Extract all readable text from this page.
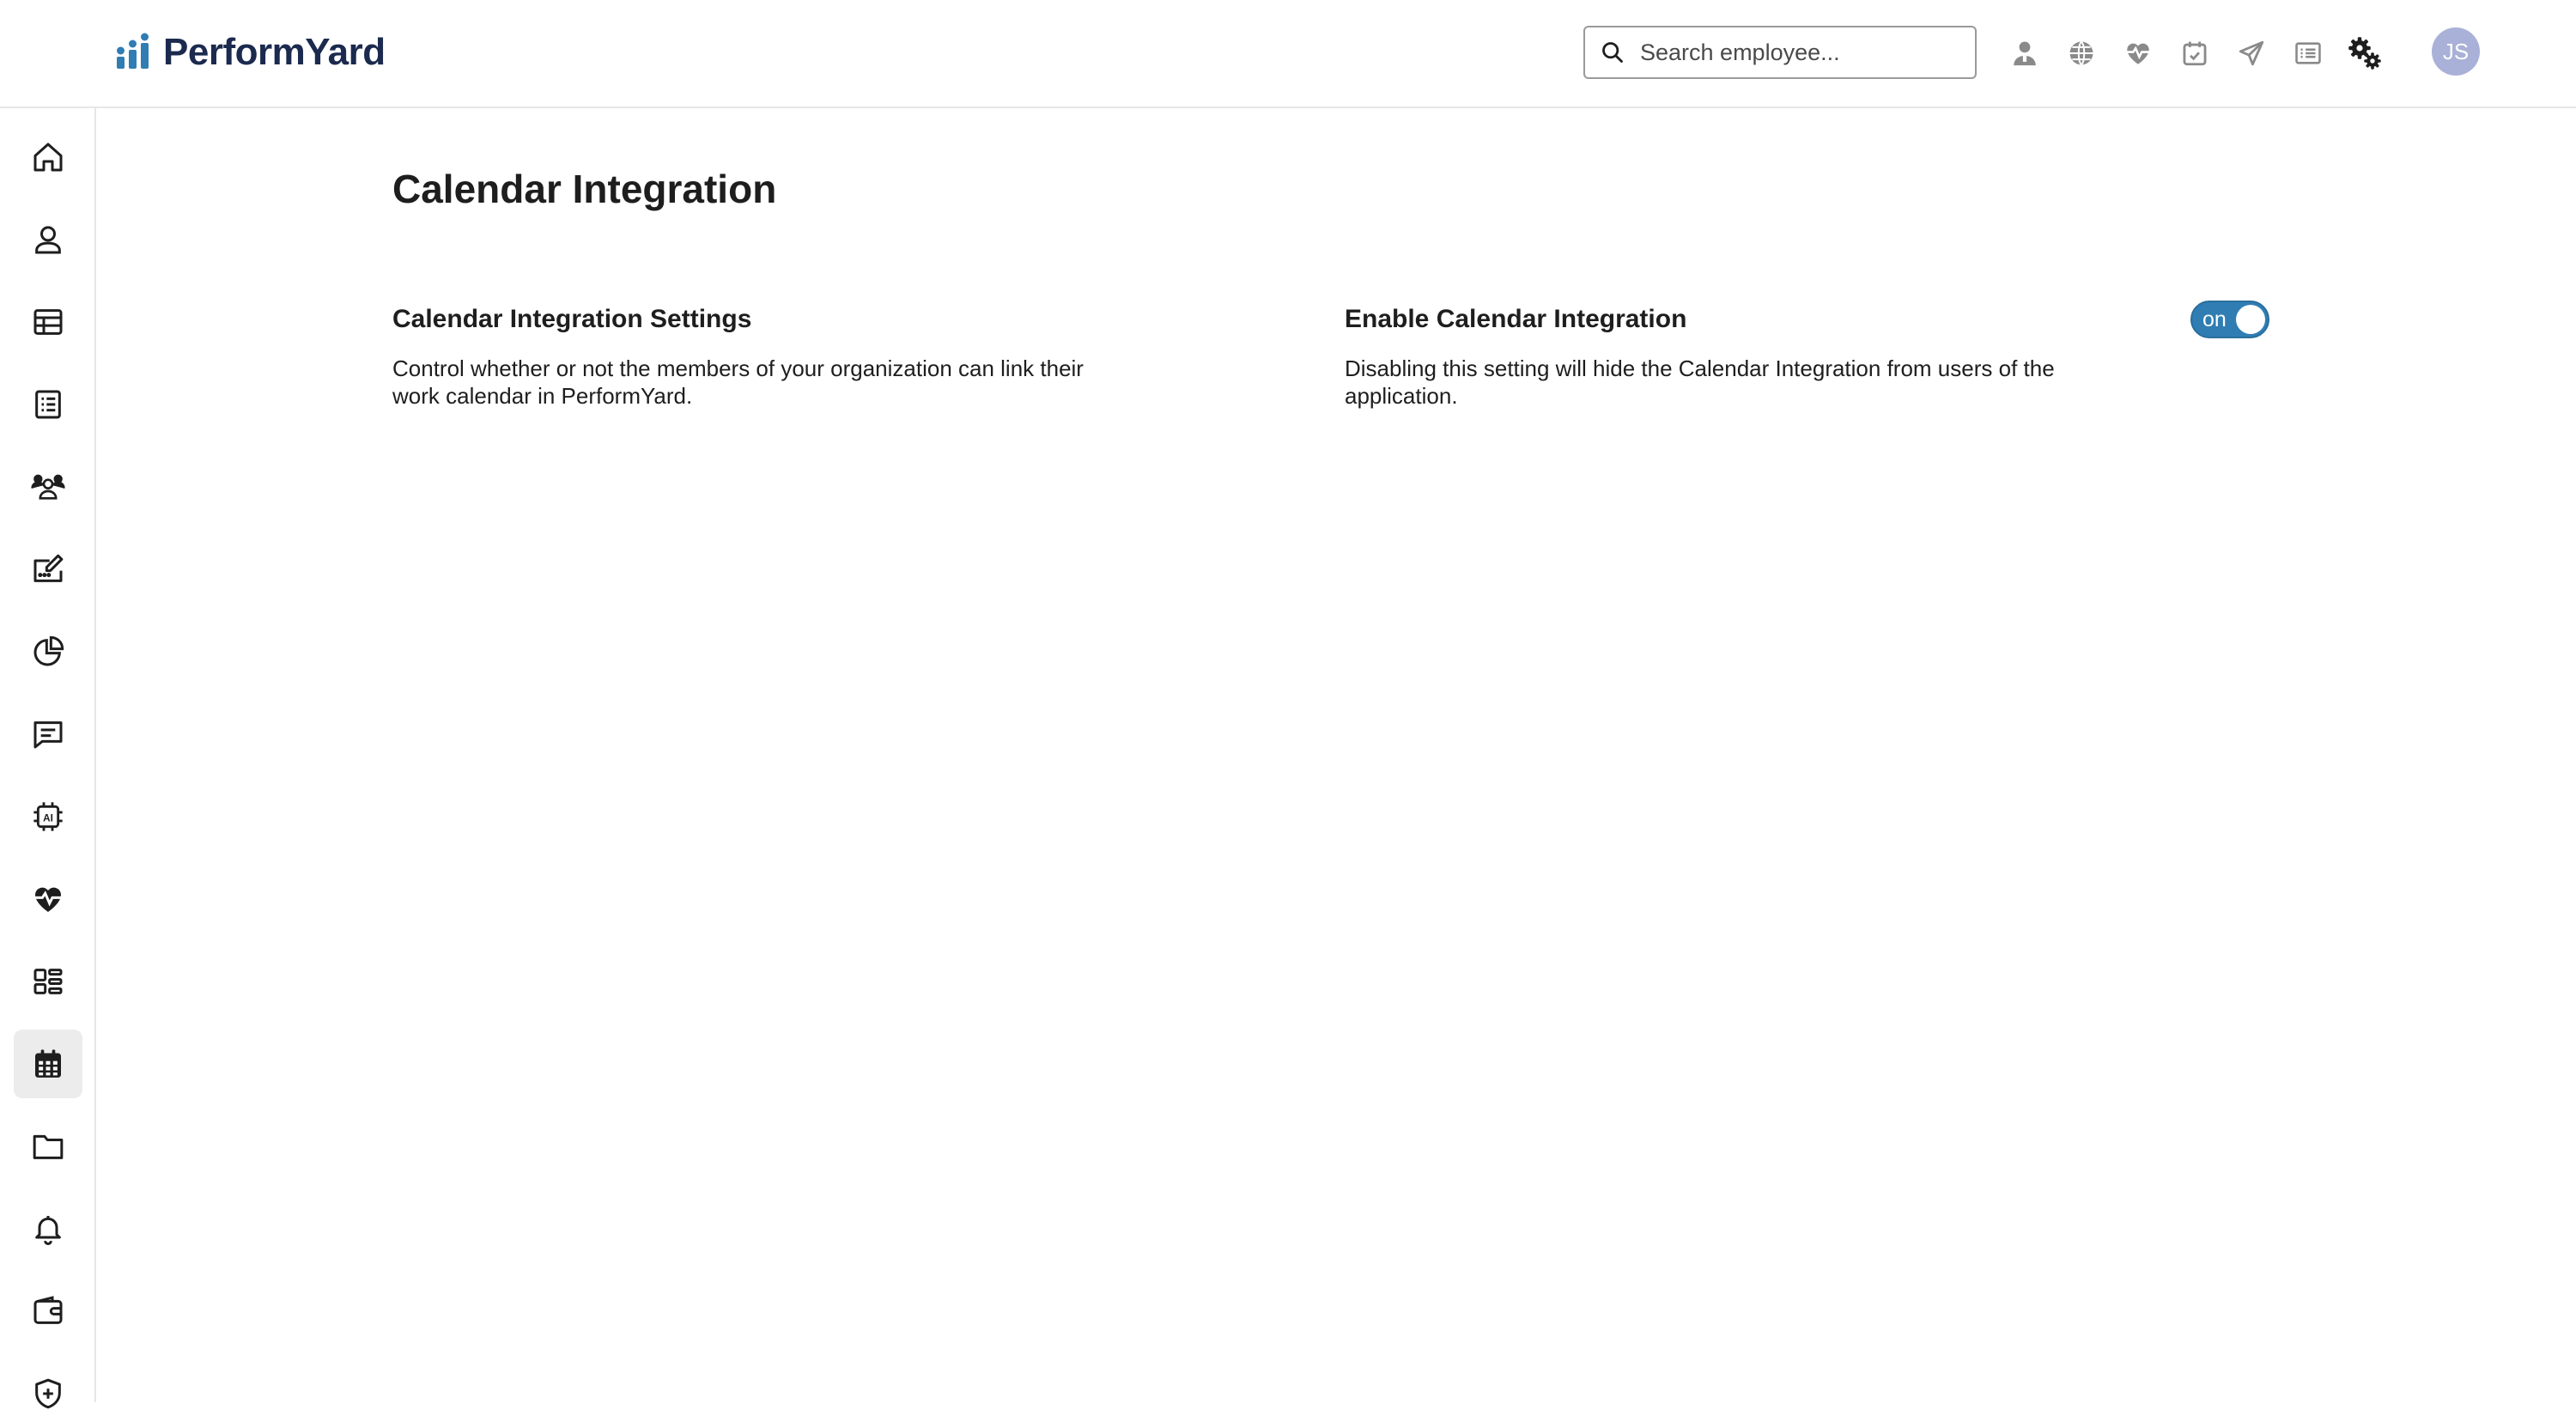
PerformYard
Search employee...	JS
AI
Calendar Integration
Calendar Integration Settings

Control whether or not the members of your organization can link their work calendar in PerformYard.

Enable Calendar Integration

Disabling this setting will hide the Calendar Integration from users of the application.

on
